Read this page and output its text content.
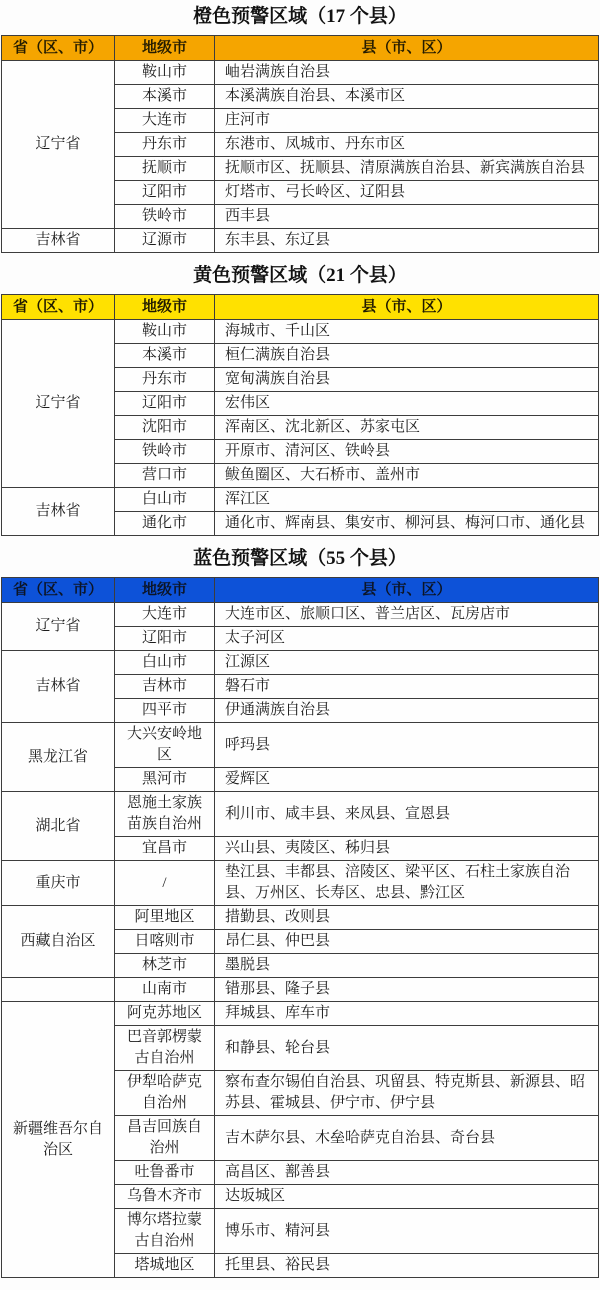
橙色预警区域（17 个县）
省（区、市）	地级市	县（市、区）
辽宁省	鞍山市	岫岩满族自治县
	本溪市	本溪满族自治县、本溪市区
	大连市	庄河市
	丹东市	东港市、凤城市、丹东市区
	抚顺市	抚顺市区、抚顺县、清原满族自治县、新宾满族自治县
	辽阳市	灯塔市、弓长岭区、辽阳县
	铁岭市	西丰县
吉林省	辽源市	东丰县、东辽县
黄色预警区域（21 个县）
省（区、市）	地级市	县（市、区）
辽宁省	鞍山市	海城市、千山区
	本溪市	桓仁满族自治县
	丹东市	宽甸满族自治县
	辽阳市	宏伟区
	沈阳市	浑南区、沈北新区、苏家屯区
	铁岭市	开原市、清河区、铁岭县
	营口市	鲅鱼圈区、大石桥市、盖州市
吉林省	白山市	浑江区
	通化市	通化市、辉南县、集安市、柳河县、梅河口市、通化县
蓝色预警区域（55 个县）
省（区、市）	地级市	县（市、区）
辽宁省	大连市	大连市区、旅顺口区、普兰店区、瓦房店市
	辽阳市	太子河区
吉林省	白山市	江源区
	吉林市	磐石市
	四平市	伊通满族自治县
黑龙江省	大兴安岭地区	呼玛县
	黑河市	爱辉区
湖北省	恩施土家族苗族自治州	利川市、咸丰县、来凤县、宣恩县
	宜昌市	兴山县、夷陵区、秭归县
重庆市	/	垫江县、丰都县、涪陵区、梁平区、石柱土家族自治县、万州区、长寿区、忠县、黔江区
西藏自治区	阿里地区	措勤县、改则县
	日喀则市	昂仁县、仲巴县
	林芝市	墨脱县
	山南市	错那县、隆子县
新疆维吾尔自治区	阿克苏地区	拜城县、库车市
	巴音郭楞蒙古自治州	和静县、轮台县
	伊犁哈萨克自治州	察布查尔锡伯自治县、巩留县、特克斯县、新源县、昭苏县、霍城县、伊宁市、伊宁县
	昌吉回族自治州	吉木萨尔县、木垒哈萨克自治县、奇台县
	吐鲁番市	高昌区、鄯善县
	乌鲁木齐市	达坂城区
	博尔塔拉蒙古自治州	博乐市、精河县
	塔城地区	托里县、裕民县
